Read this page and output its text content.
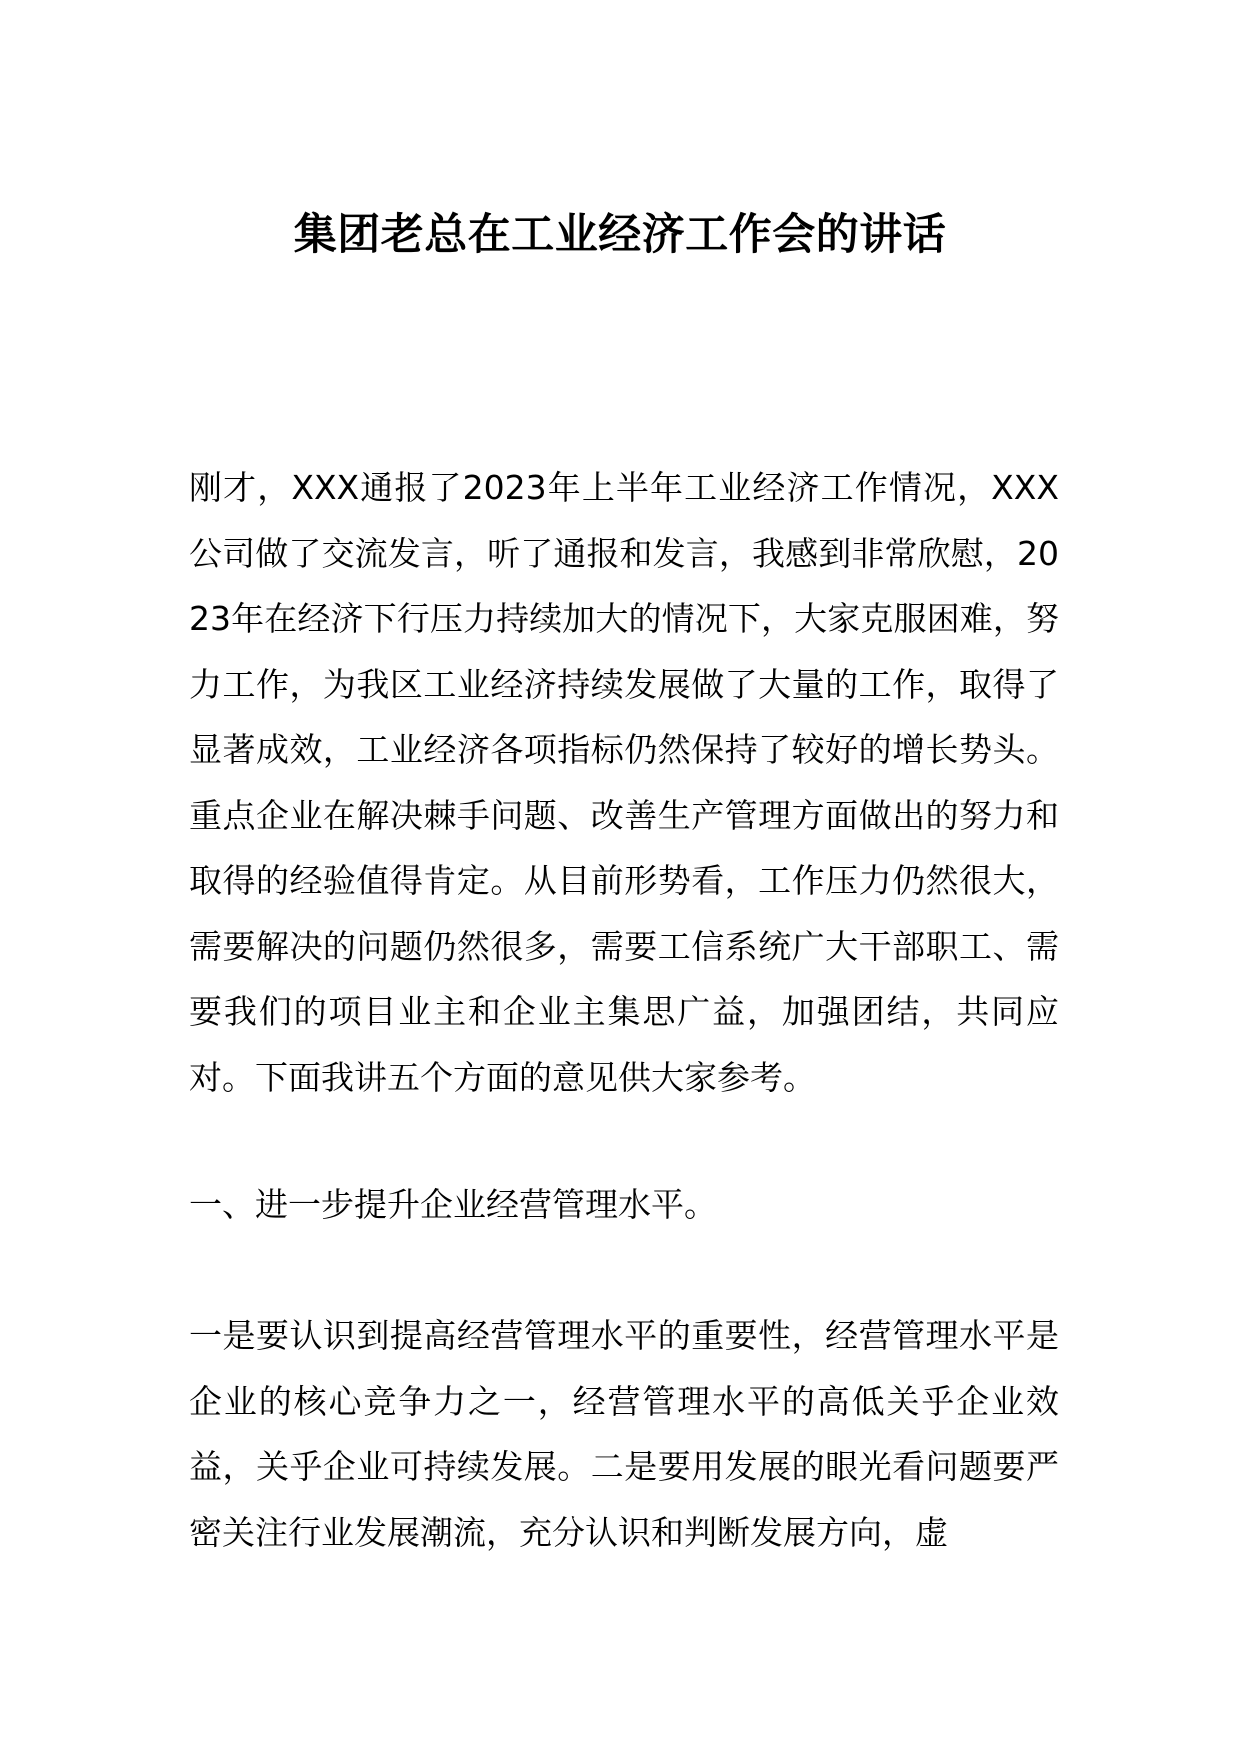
集团老总在工业经济工作会的讲话

刚才，XXX通报了2023年上半年工业经济工作情况，XXX公司做了交流发言，听了通报和发言，我感到非常欣慰，2023年在经济下行压力持续加大的情况下，大家克服困难，努力工作，为我区工业经济持续发展做了大量的工作，取得了显著成效，工业经济各项指标仍然保持了较好的增长势头。重点企业在解决棘手问题、改善生产管理方面做出的努力和取得的经验值得肯定。从目前形势看，工作压力仍然很大，需要解决的问题仍然很多，需要工信系统广大干部职工、需要我们的项目业主和企业主集思广益，加强团结，共同应对。下面我讲五个方面的意见供大家参考。

一、进一步提升企业经营管理水平。

一是要认识到提高经营管理水平的重要性，经营管理水平是企业的核心竞争力之一，经营管理水平的高低关乎企业效益，关乎企业可持续发展。二是要用发展的眼光看问题要严密关注行业发展潮流，充分认识和判断发展方向，虚
